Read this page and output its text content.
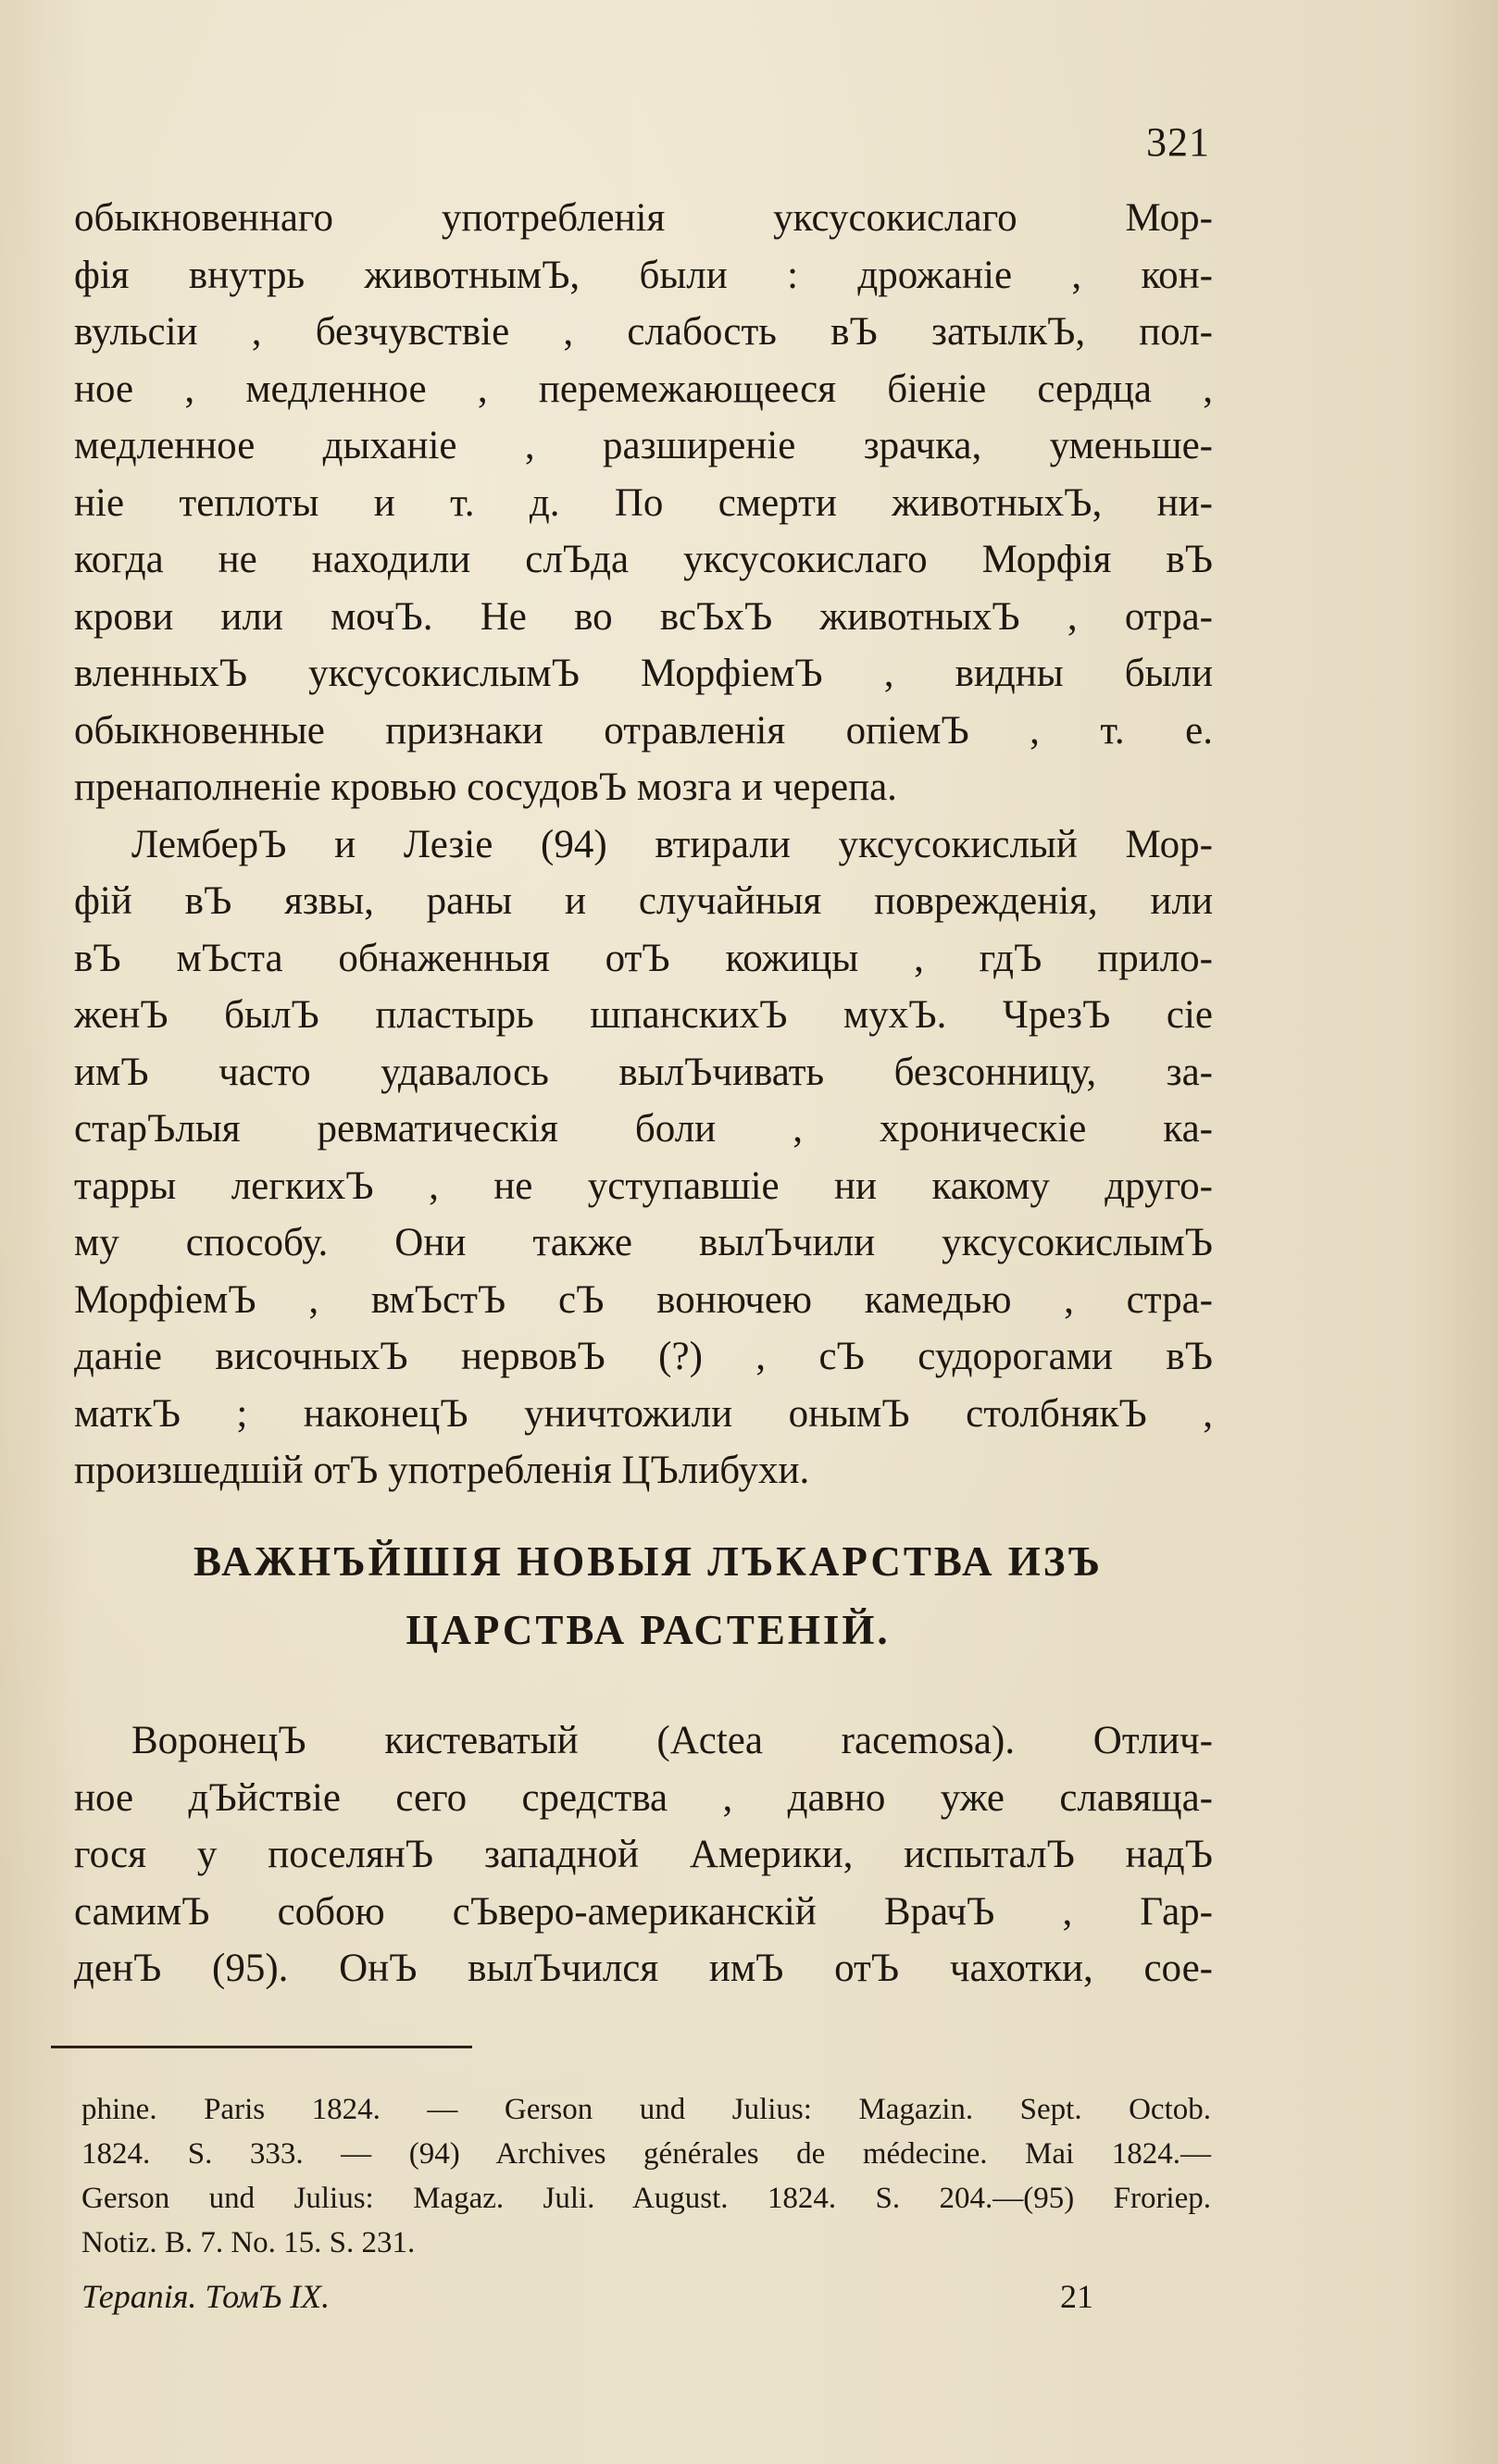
321
обыкновеннаго употребленія уксусокислаго Мор-
фія внутрь животнымЪ, были : дрожаніе , кон-
вульсіи , безчувствіе , слабость вЪ затылкЪ, пол-
ное , медленное , перемежающееся біеніе сердца ,
медленное дыханіе , разширеніе зрачка, уменьше-
ніе теплоты и т. д. По смерти животныхЪ, ни-
когда не находили слЪда уксусокислаго Морфія вЪ
крови или мочЪ. Не во всЪхЪ животныхЪ , отра-
вленныхЪ уксусокислымЪ МорфіемЪ , видны были
обыкновенные признаки отравленія опіемЪ , т. е.
пренаполненіе кровью сосудовЪ мозга и черепа.
ЛемберЪ и Лезіе (94) втирали уксусокислый Мор-
фій вЪ язвы, раны и случайныя поврежденія, или
вЪ мЪста обнаженныя отЪ кожицы , гдЪ прило-
женЪ былЪ пластырь шпанскихЪ мухЪ. ЧрезЪ сіе
имЪ часто удавалось вылЪчивать безсонницу, за-
старЪлыя ревматическія боли , хроническіе ка-
тарры легкихЪ , не уступавшіе ни какому друго-
му способу. Они также вылЪчили уксусокислымЪ
МорфіемЪ , вмЪстЪ сЪ вонючею камедью , стра-
даніе височныхЪ нервовЪ (?) , сЪ судорогами вЪ
маткЪ ; наконецЪ уничтожили онымЪ столбнякЪ ,
произшедшій отЪ употребленія ЦЪлибухи.
ВАЖНЪЙШІЯ НОВЫЯ ЛЪКАРСТВА ИЗЪ
ЦАРСТВА РАСТЕНІЙ.
ВоронецЪ кистеватый (Actea racemosa). Отлич-
ное дЪйствіе сего средства , давно уже славяща-
гося у поселянЪ западной Америки, испыталЪ надЪ
самимЪ собою сЪверо-американскій ВрачЪ , Гар-
денЪ (95). ОнЪ вылЪчился имЪ отЪ чахотки, сое-
phine. Paris 1824. — Gerson und Julius: Magazin. Sept. Octob.
1824. S. 333. — (94) Archives générales de médecine. Mai 1824.—
Gerson und Julius: Magaz. Juli. August. 1824. S. 204.—(95) Froriep.
Notiz. B. 7. No. 15. S. 231.
Терапія. ТомЪ IX.	21
